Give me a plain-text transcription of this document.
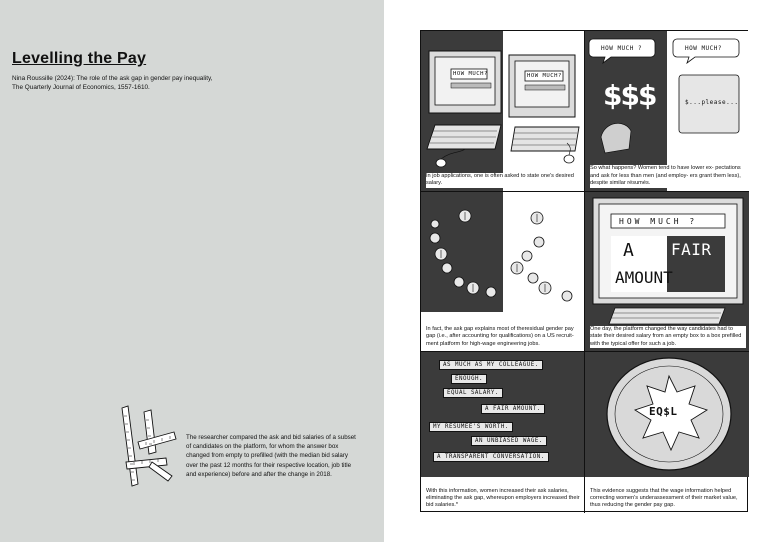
Levelling the Pay
Nina Roussille (2024): The role of the ask gap in gender pay inequality,
The Quarterly Journal of Economics, 1557-1610.
The researcher compared the ask and bid salaries of a subset of candidates on the platform, for whom the answer box changed from empty to prefilled (with the median bid salary over the past 12 months for their respective location, job title and experience) before and after the change in 2018.
HOW MUCH?	HOW MUCH?
In job applications, one is often asked to state one's desired salary.
HOW MUCH ?	HOW MUCH?
$$$	$...please...
So what happens? Women tend to have lower ex- pectations and ask for less than men (and employ- ers grant them less), despite similar résumés.
In fact, the ask gap explains most of theresidual gender pay gap (i.e., after accounting for qualifications) on a US recruit-ment platform for high-wage engineering jobs.
HOW MUCH ?
A FAIR
AMOUNT
One day, the platform changed the way candidates had to state their desired salary from an empty box to a box prefilled with the typical offer for such a job.
AS MUCH AS MY COLLEAGUE.
ENOUGH.
EQUAL SALARY.
A FAIR AMOUNT.
MY RESUMEE'S WORTH.
AN UNBIASED WAGE.
A TRANSPARENT CONVERSATION.
With this information, women increased their ask salaries, eliminating the ask gap, whereupon employers increased their bid salaries.*
EQ$L
This evidence suggests that the wage information helped correcting women's underassessment of their market value, thus reducing the gender pay gap.
